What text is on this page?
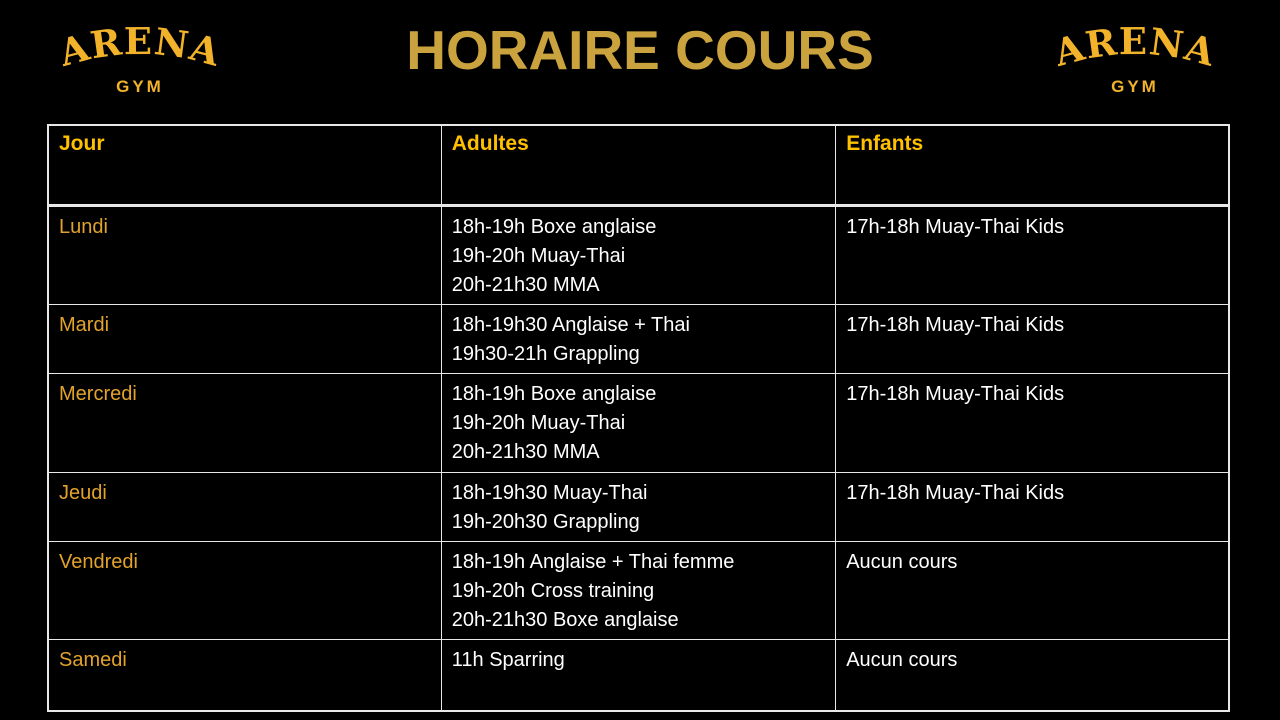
ARENA
GYM
HORAIRE COURS	ARENA
GYM
Jour	Adultes	Enfants
Lundi	18h-19h Boxe anglaise
19h-20h Muay-Thai
20h-21h30 MMA	17h-18h Muay-Thai Kids

Mardi	18h-19h30 Anglaise + Thai
19h30-21h Grappling	17h-18h Muay-Thai Kids

Mercredi	18h-19h Boxe anglaise
19h-20h Muay-Thai
20h-21h30 MMA	17h-18h Muay-Thai Kids

Jeudi	18h-19h30 Muay-Thai
19h-20h30 Grappling	17h-18h Muay-Thai Kids

Vendredi	18h-19h Anglaise + Thai femme
19h-20h Cross training
20h-21h30 Boxe anglaise	Aucun cours

Samedi	11h Sparring	Aucun cours
